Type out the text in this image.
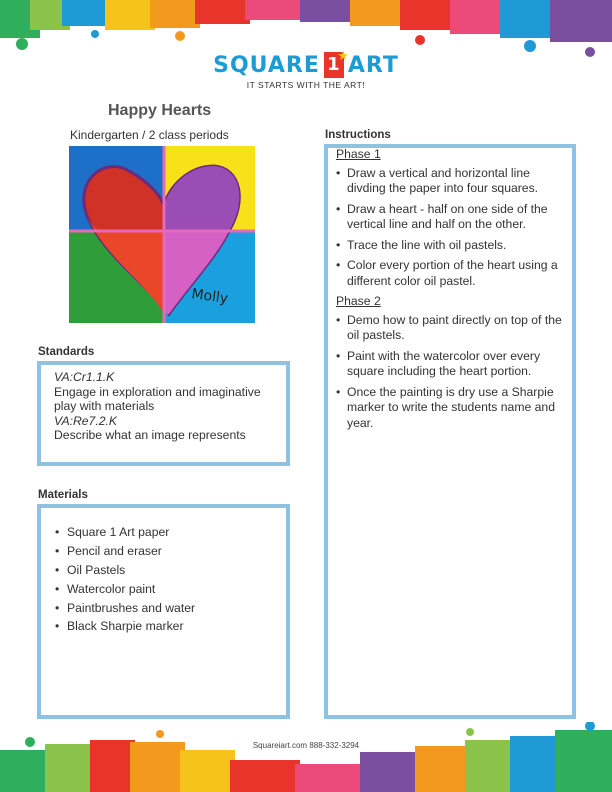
SQUARE 1
★
ART
IT STARTS WITH THE ART!
Happy Hearts
Kindergarten / 2 class periods
Molly
Standards
VA:Cr1.1.K
Engage in exploration and imaginative play with materials
VA:Re7.2.K
Describe what an image represents
Materials
• Square 1 Art paper
• Pencil and eraser
• Oil Pastels
• Watercolor paint
• Paintbrushes and water
• Black Sharpie marker
Instructions
Phase 1
• Draw a vertical and horizontal line divding the paper into four squares.
• Draw a heart - half on one side of the vertical line and half on the other.
• Trace the line with oil pastels.
• Color every portion of the heart using a different color oil pastel.
Phase 2
• Demo how to paint directly on top of the oil pastels.
• Paint with the watercolor over every square including the heart portion.
• Once the painting is dry use a Sharpie marker to write the students name and year.
Squareiart.com 888-332-3294
